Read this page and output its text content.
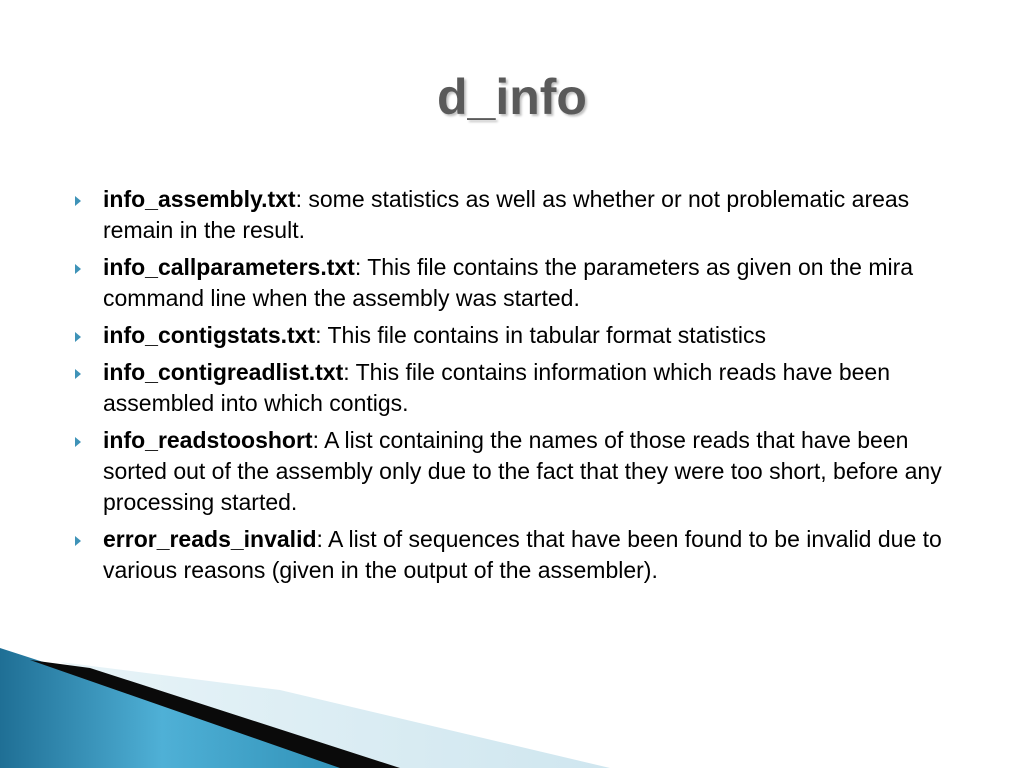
d_info
info_assembly.txt: some statistics as well as whether or not problematic areas remain in the result.
info_callparameters.txt: This file contains the parameters as given on the mira command line when the assembly was started.
info_contigstats.txt: This file contains in tabular format statistics
info_contigreadlist.txt: This file contains information which reads have been assembled into which contigs.
info_readstooshort: A list containing the names of those reads that have been sorted out of the assembly only due to the fact that they were too short, before any processing started.
error_reads_invalid: A list of sequences that have been found to be invalid due to various reasons (given in the output of the assembler).
